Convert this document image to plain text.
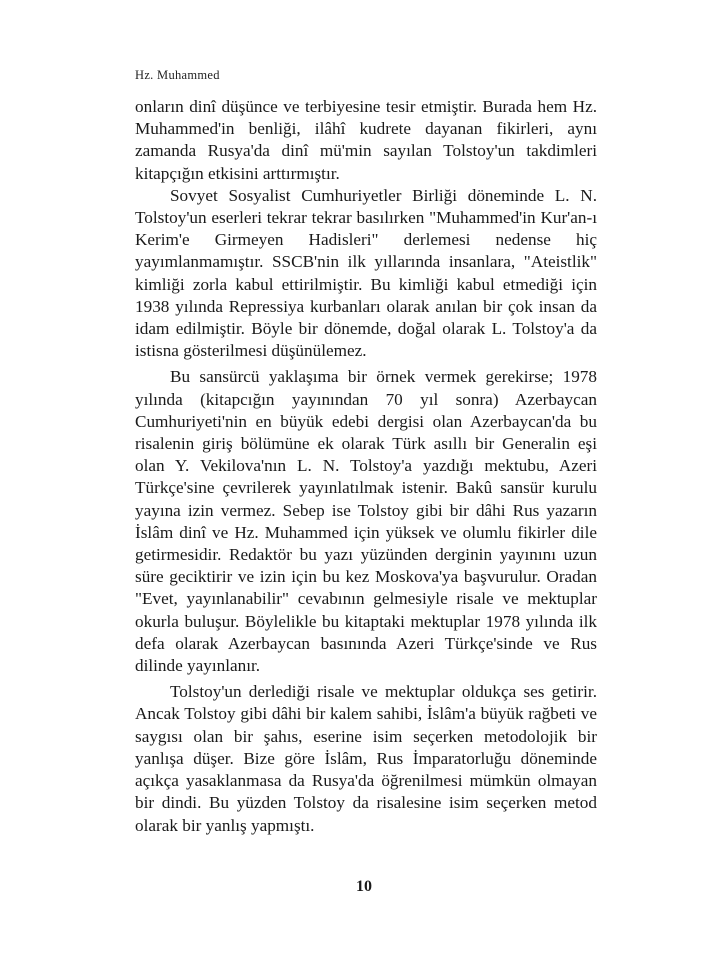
Hz. Muhammed

onların dinî düşünce ve terbiyesine tesir etmiştir. Burada hem Hz. Muhammed'in benliği, ilâhî kudrete dayanan fikirleri, aynı zamanda Rusya'da dinî mü'min sayılan Tolstoy'un takdimleri kitapçığın etkisini arttırmıştır.

Sovyet Sosyalist Cumhuriyetler Birliği döneminde L. N. Tolstoy'un eserleri tekrar tekrar basılırken "Muhammed'in Kur'an-ı Kerim'e Girmeyen Hadisleri" derlemesi nedense hiç yayımlanmamıştır. SSCB'nin ilk yıllarında insanlara, "Ateistlik" kimliği zorla kabul ettirilmiştir. Bu kimliği kabul etmediği için 1938 yılında Repressiya kurbanları olarak anılan bir çok insan da idam edilmiştir. Böyle bir dönemde, doğal olarak L. Tolstoy'a da istisna gösterilmesi düşünülemez.

Bu sansürcü yaklaşıma bir örnek vermek gerekirse; 1978 yılında (kitapcığın yayınından 70 yıl sonra) Azerbaycan Cumhuriyeti'nin en büyük edebi dergisi olan Azerbaycan'da bu risalenin giriş bölümüne ek olarak Türk asıllı bir Generalin eşi olan Y. Vekilova'nın L. N. Tolstoy'a yazdığı mektubu, Azeri Türkçe'sine çevrilerek yayınlatılmak istenir. Bakû sansür kurulu yayına izin vermez. Sebep ise Tolstoy gibi bir dâhi Rus yazarın İslâm dinî ve Hz. Muhammed için yüksek ve olumlu fikirler dile getirmesidir. Redaktör bu yazı yüzünden derginin yayınını uzun süre geciktirir ve izin için bu kez Moskova'ya başvurulur. Oradan "Evet, yayınlanabilir" cevabının gelmesiyle risale ve mektuplar okurla buluşur. Böylelikle bu kitaptaki mektuplar 1978 yılında ilk defa olarak Azerbaycan basınında Azeri Türkçe'sinde ve Rus dilinde yayınlanır.

Tolstoy'un derlediği risale ve mektuplar oldukça ses getirir. Ancak Tolstoy gibi dâhi bir kalem sahibi, İslâm'a büyük rağbeti ve saygısı olan bir şahıs, eserine isim seçerken metodolojik bir yanlışa düşer. Bize göre İslâm, Rus İmparatorluğu döneminde açıkça yasaklanmasa da Rusya'da öğrenilmesi mümkün olmayan bir dindi. Bu yüzden Tolstoy da risalesine isim seçerken metod olarak bir yanlış yapmıştı.

10
